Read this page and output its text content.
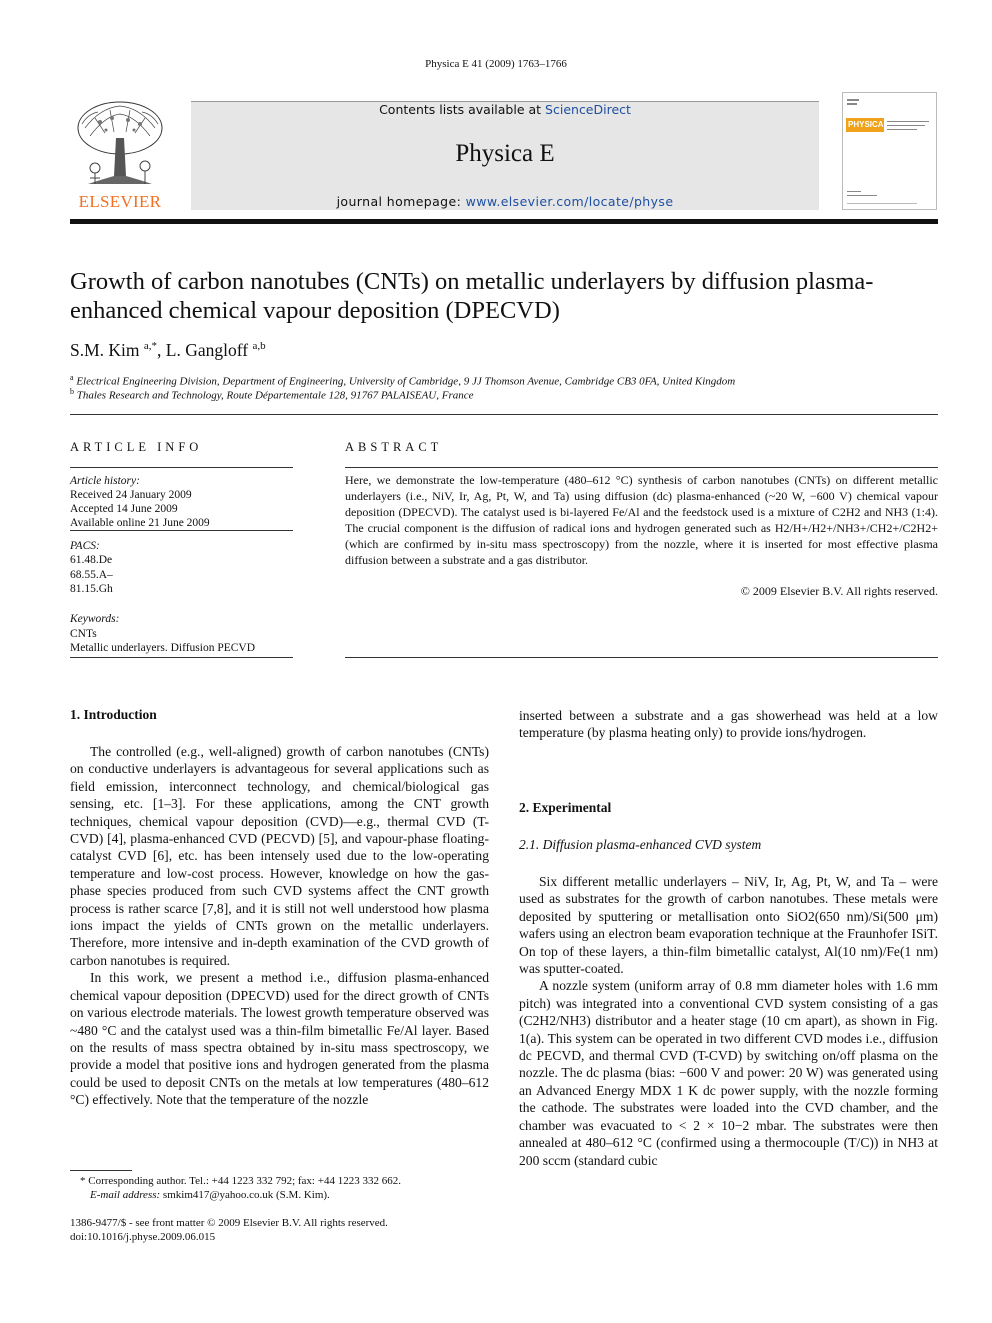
Physica E 41 (2009) 1763–1766
ELSEVIER
Contents lists available at ScienceDirect
Physica E
journal homepage: www.elsevier.com/locate/physe
PHYSICA
Growth of carbon nanotubes (CNTs) on metallic underlayers by diffusion plasma-enhanced chemical vapour deposition (DPECVD)
S.M. Kim $^{a,*}$, L. Gangloff $^{a,b}$
$^a$ Electrical Engineering Division, Department of Engineering, University of Cambridge, 9 JJ Thomson Avenue, Cambridge CB3 0FA, United Kingdom
$^b$ Thales Research and Technology, Route Départementale 128, 91767 PALAISEAU, France
ARTICLE INFO
Article history:
Received 24 January 2009
Accepted 14 June 2009
Available online 21 June 2009
PACS:
61.48.De
68.55.A–
81.15.Gh
Keywords:
CNTs
Metallic underlayers. Diffusion PECVD
ABSTRACT
Here, we demonstrate the low-temperature (480–612 °C) synthesis of carbon nanotubes (CNTs) on different metallic underlayers (i.e., NiV, Ir, Ag, Pt, W, and Ta) using diffusion (dc) plasma-enhanced (~20 W, −600 V) chemical vapour deposition (DPECVD). The catalyst used is bi-layered Fe/Al and the feedstock used is a mixture of C2H2 and NH3 (1:4). The crucial component is the diffusion of radical ions and hydrogen generated such as H2/H+/H2+/NH3+/CH2+/C2H2+ (which are confirmed by in-situ mass spectroscopy) from the nozzle, where it is inserted for most effective plasma diffusion between a substrate and a gas distributor.
© 2009 Elsevier B.V. All rights reserved.
1. Introduction

The controlled (e.g., well-aligned) growth of carbon nanotubes (CNTs) on conductive underlayers is advantageous for several applications such as field emission, interconnect technology, and chemical/biological gas sensing, etc. [1–3]. For these applications, among the CNT growth techniques, chemical vapour deposition (CVD)—e.g., thermal CVD (T-CVD) [4], plasma-enhanced CVD (PECVD) [5], and vapour-phase floating-catalyst CVD [6], etc. has been intensely used due to the low-operating temperature and low-cost process. However, knowledge on how the gas-phase species produced from such CVD systems affect the CNT growth process is rather scarce [7,8], and it is still not well understood how plasma ions impact the yields of CNTs grown on the metallic underlayers. Therefore, more intensive and in-depth examination of the CVD growth of carbon nanotubes is required.

In this work, we present a method i.e., diffusion plasma-enhanced chemical vapour deposition (DPECVD) used for the direct growth of CNTs on various electrode materials. The lowest growth temperature observed was ~480 °C and the catalyst used was a thin-film bimetallic Fe/Al layer. Based on the results of mass spectra obtained by in-situ mass spectroscopy, we provide a model that positive ions and hydrogen generated from the plasma could be used to deposit CNTs on the metals at low temperatures (480–612 °C) effectively. Note that the temperature of the nozzle

inserted between a substrate and a gas showerhead was held at a low temperature (by plasma heating only) to provide ions/hydrogen.

2. Experimental
2.1. Diffusion plasma-enhanced CVD system

Six different metallic underlayers – NiV, Ir, Ag, Pt, W, and Ta – were used as substrates for the growth of carbon nanotubes. These metals were deposited by sputtering or metallisation onto SiO2(650 nm)/Si(500 μm) wafers using an electron beam evaporation technique at the Fraunhofer ISiT. On top of these layers, a thin-film bimetallic catalyst, Al(10 nm)/Fe(1 nm) was sputter-coated.

A nozzle system (uniform array of 0.8 mm diameter holes with 1.6 mm pitch) was integrated into a conventional CVD system consisting of a gas (C2H2/NH3) distributor and a heater stage (10 cm apart), as shown in Fig. 1(a). This system can be operated in two different CVD modes i.e., diffusion dc PECVD, and thermal CVD (T-CVD) by switching on/off plasma on the nozzle. The dc plasma (bias: −600 V and power: 20 W) was generated using an Advanced Energy MDX 1 K dc power supply, with the nozzle forming the cathode. The substrates were loaded into the CVD chamber, and the chamber was evacuated to < 2 × 10−2 mbar. The substrates were then annealed at 480–612 °C (confirmed using a thermocouple (T/C)) in NH3 at 200 sccm (standard cubic

* Corresponding author. Tel.: +44 1223 332 792; fax: +44 1223 332 662.
E-mail address: smkim417@yahoo.co.uk (S.M. Kim).
1386-9477/$ - see front matter © 2009 Elsevier B.V. All rights reserved.
doi:10.1016/j.physe.2009.06.015
